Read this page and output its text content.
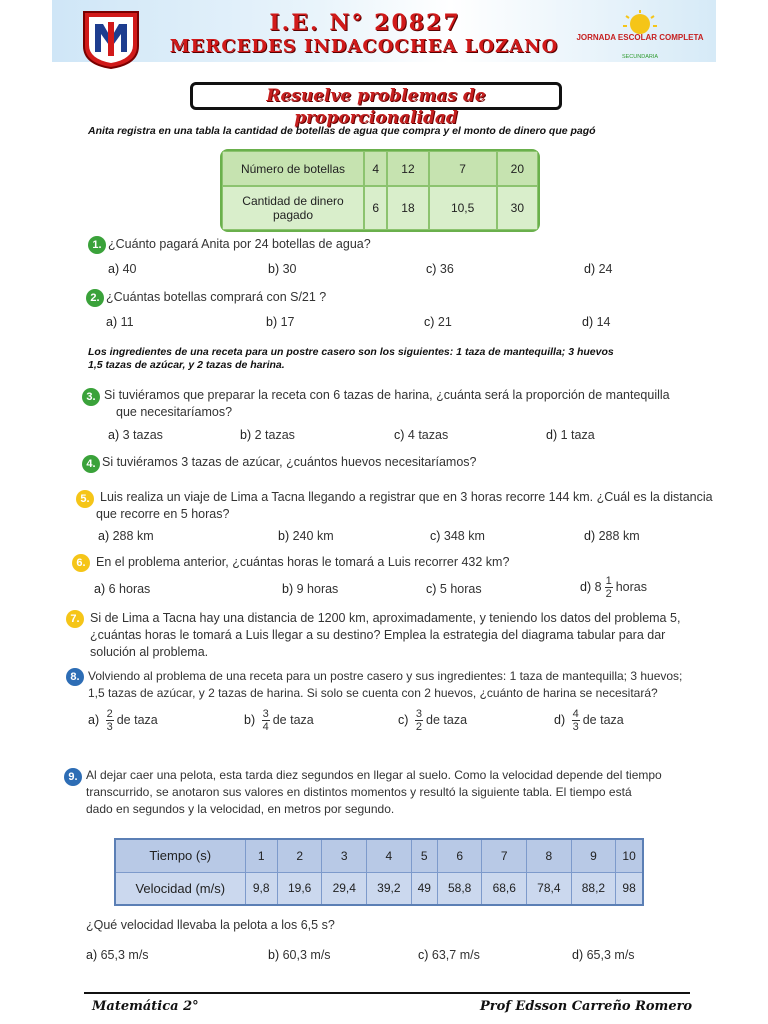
I.E. N° 20827
MERCEDES INDACOCHEA LOZANO	JORNADA ESCOLAR COMPLETA
SECUNDARIA
Resuelve problemas de proporcionalidad
Anita registra en una tabla la cantidad de botellas de agua que compra y el monto de dinero que pagó
Número de botellas	4	12	7	20
Cantidad de dinero pagado	6	18	10,5	30
1. ¿Cuánto pagará Anita por 24 botellas de agua?
a) 40	b) 30	c) 36	d) 24
2. ¿Cuántas botellas comprará con S/21 ?
a) 11	b) 17	c) 21	d) 14
Los ingredientes de una receta para un postre casero son los siguientes: 1 taza de mantequilla; 3 huevos
1,5 tazas de azúcar, y 2 tazas de harina.
3. Si tuviéramos que preparar la receta con 6 tazas de harina, ¿cuánta será la proporción de mantequilla
que necesitaríamos?
a) 3 tazas	b) 2 tazas	c) 4 tazas	d) 1 taza
4. Si tuviéramos 3 tazas de azúcar, ¿cuántos huevos necesitaríamos?
5. Luis realiza un viaje de Lima a Tacna llegando a registrar que en 3 horas recorre 144 km. ¿Cuál es la distancia
que recorre en 5 horas?
a) 288 km	b) 240 km	c) 348 km	d) 288 km
6. En el problema anterior, ¿cuántas horas le tomará a Luis recorrer 432 km?
a) 6 horas	b) 9 horas	c) 5 horas	d) $8 \frac{1}{2}$ horas
7. Si de Lima a Tacna hay una distancia de 1200 km, aproximadamente, y teniendo los datos del problema 5,
¿cuántas horas le tomará a Luis llegar a su destino? Emplea la estrategia del diagrama tabular para dar
solución al problema.
8. Volviendo al problema de una receta para un postre casero y sus ingredientes: 1 taza de mantequilla; 3 huevos;
1,5 tazas de azúcar, y 2 tazas de harina. Si solo se cuenta con 2 huevos, ¿cuánto de harina se necesitará?
$a) \frac{2}{3}$ de taza	$b) \frac{3}{4}$ de taza	$c) \frac{3}{2}$ de taza	$d) \frac{4}{3}$ de taza
9. Al dejar caer una pelota, esta tarda diez segundos en llegar al suelo. Como la velocidad depende del tiempo
transcurrido, se anotaron sus valores en distintos momentos y resultó la siguiente tabla. El tiempo está
dado en segundos y la velocidad, en metros por segundo.
Tiempo (s)	1	2	3	4	5	6	7	8	9	10
Velocidad (m/s)	9,8	19,6	29,4	39,2	49	58,8	68,6	78,4	88,2	98
¿Qué velocidad llevaba la pelota a los 6,5 s?
a) 65,3 m/s	b) 60,3 m/s	c) 63,7 m/s	d) 65,3 m/s
Matemática 2°	Prof Edsson Carreño Romero
